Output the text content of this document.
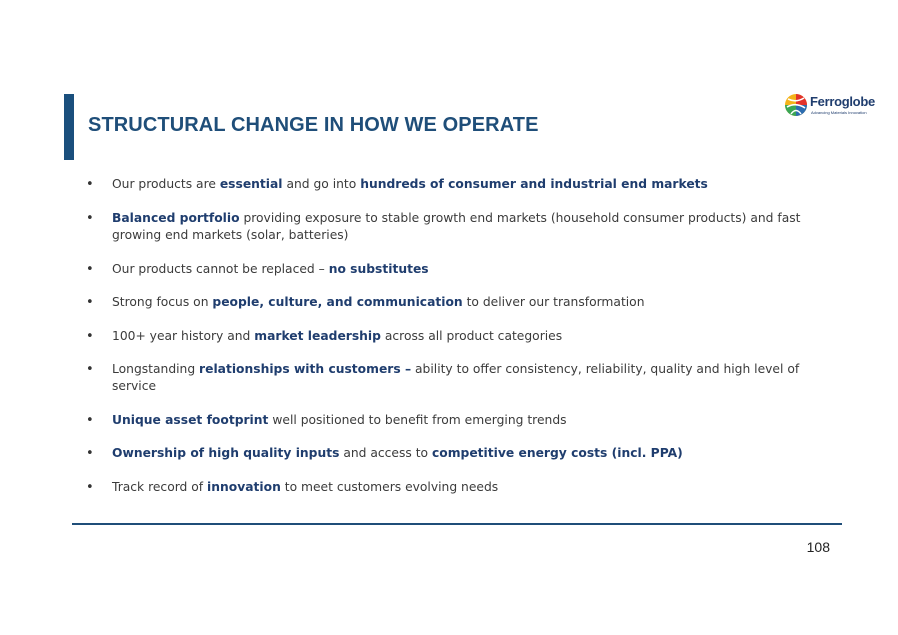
STRUCTURAL CHANGE IN HOW WE OPERATE
Ferroglobe
Advancing Materials Innovation
• Our products are essential and go into hundreds of consumer and industrial end markets
• Balanced portfolio providing exposure to stable growth end markets (household consumer products) and fast growing end markets (solar, batteries)
• Our products cannot be replaced – no substitutes
• Strong focus on people, culture, and communication to deliver our transformation
• 100+ year history and market leadership across all product categories
• Longstanding relationships with customers – ability to offer consistency, reliability, quality and high level of service
• Unique asset footprint well positioned to benefit from emerging trends
• Ownership of high quality inputs and access to competitive energy costs (incl. PPA)
• Track record of innovation to meet customers evolving needs
108
